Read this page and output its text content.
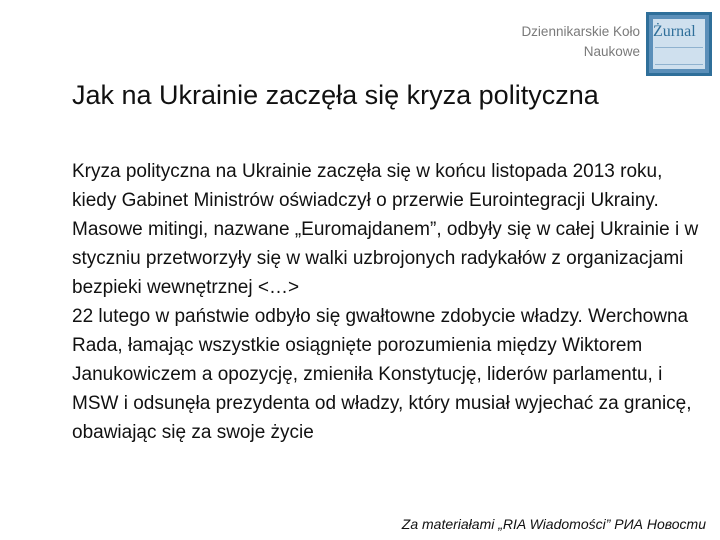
Dziennikarskie Koło
Naukowe
Żurnal
Jak na Ukrainie zaczęła się kryza polityczna

Kryza polityczna na Ukrainie zaczęła się w końcu listopada 2013 roku, kiedy Gabinet Ministrów oświadczył o przerwie Eurointegracji Ukrainy. Masowe mitingi, nazwane „Euromajdanem”, odbyły się w całej Ukrainie i w styczniu przetworzyły się w walki uzbrojonych radykałów z organizacjami bezpieki wewnętrznej <…>

22 lutego w państwie odbyło się gwałtowne zdobycie władzy. Werchowna Rada, łamając wszystkie osiągnięte porozumienia między Wiktorem Janukowiczem a opozycję, zmieniła Konstytucję, liderów parlamentu, i MSW i odsunęła prezydenta od władzy, który musiał wyjechać za granicę, obawiając się za swoje życie

Za materiałami „RIA Wiadomości” РИА Новости
